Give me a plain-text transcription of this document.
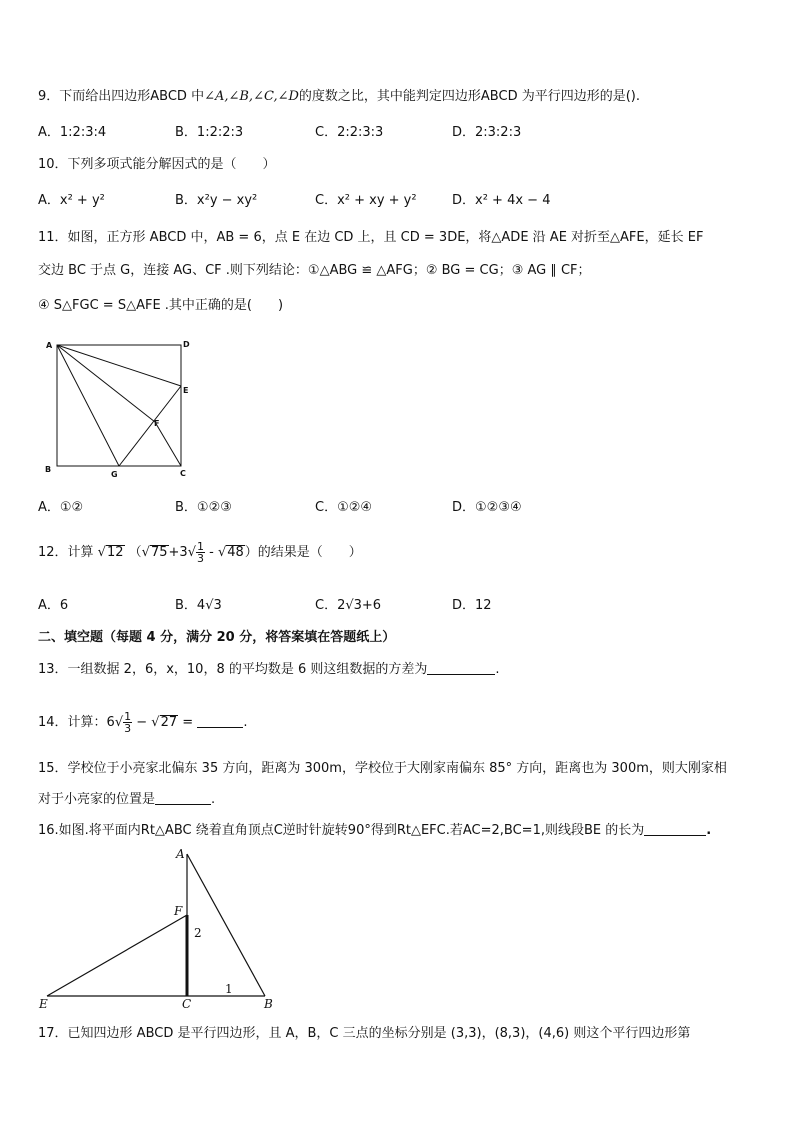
9．下而给出四边形ABCD 中∠A,∠B,∠C,∠D的度数之比，其中能判定四边形ABCD 为平行四边形的是().
A．1:2:3:4	B．1:2:2:3	C．2:2:3:3	D．2:3:2:3
10．下列多项式能分解因式的是（　　）
A．x² + y²	B．x²y − xy²	C．x² + xy + y²	D．x² + 4x − 4
11．如图，正方形 ABCD 中，AB = 6，点 E 在边 CD 上，且 CD = 3DE，将△ADE 沿 AE 对折至△AFE，延长 EF
交边 BC 于点 G，连接 AG、CF .则下列结论：①△ABG ≌ △AFG；② BG = CG；③ AG ∥ CF；
④ S△FGC = S△AFE .其中正确的是(　　)
A	D
E
F
B
G	C
A．①②	B．①②③	C．①②④	D．①②③④
12．计算 √12 $(√75+3√ \frac{1}{3} - √48)$的结果是（　　）
A．6	B．4√3	C．2√3+6	D．12
二、填空题（每题 4 分，满分 20 分，将答案填在答题纸上）
13．一组数据 2，6，x，10，8 的平均数是 6 则这组数据的方差为	.
14．计算：$6√ \frac{1}{3} - √27$ =	.
15．学校位于小亮家北偏东 35 方向，距离为 300m，学校位于大刚家南偏东 85° 方向，距离也为 300m，则大刚家相
对于小亮家的位置是	.
16.如图.将平面内Rt△ABC 绕着直角顶点C逆时针旋转90°得到Rt△EFC.若AC=2,BC=1,则线段BE 的长为	.
A
F
2
E	C
1
B
17．已知四边形 ABCD 是平行四边形，且 A，B，C 三点的坐标分别是 (3,3)，(8,3)，(4,6) 则这个平行四边形第
